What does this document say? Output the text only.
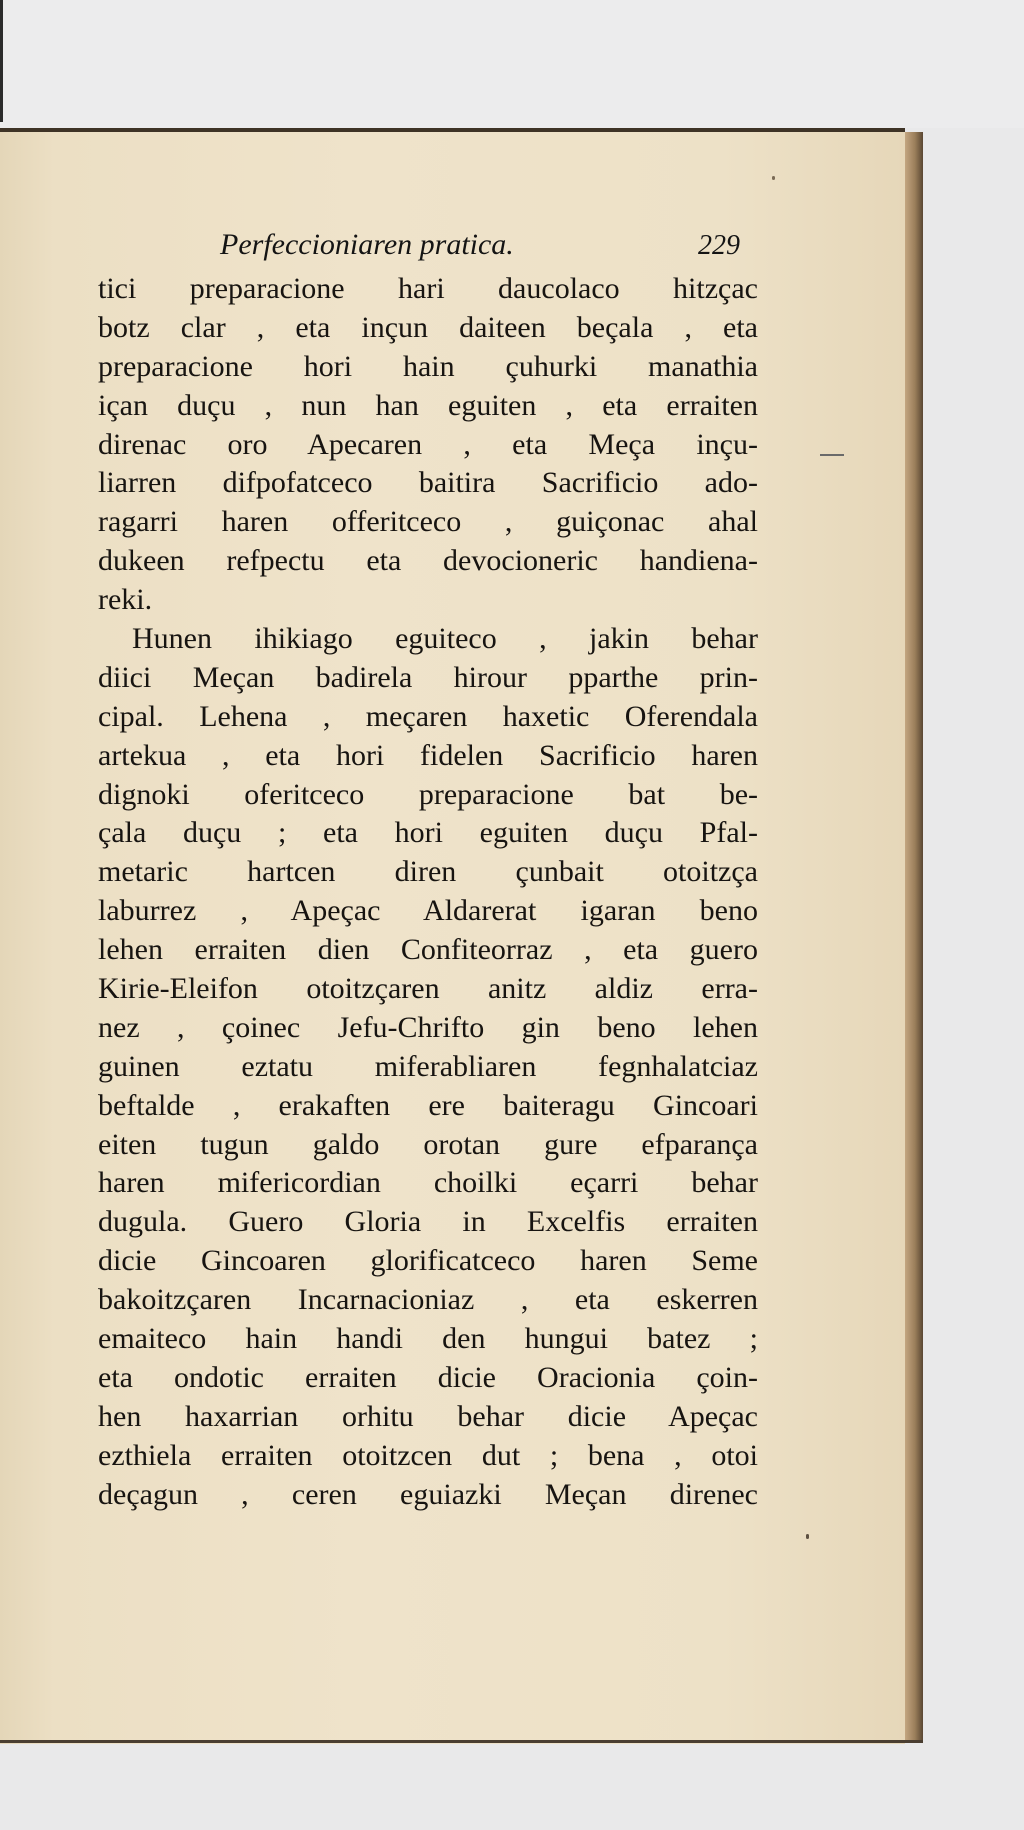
Perfeccioniaren pratica.	229
tici preparacione hari daucolaco hitzçac
botz clar , eta inçun daiteen beçala , eta
preparacione hori hain çuhurki manathia
içan duçu , nun han eguiten , eta erraiten
direnac oro Apecaren , eta Meça inçu-
liarren difpofatceco baitira Sacrificio ado-
ragarri haren offeritceco , guiçonac ahal
dukeen refpectu eta devocioneric handiena-
reki.
Hunen ihikiago eguiteco , jakin behar
diici Meçan badirela hirour pparthe prin-
cipal. Lehena , meçaren haxetic Oferendala
artekua , eta hori fidelen Sacrificio haren
dignoki oferitceco preparacione bat be-
çala duçu ; eta hori eguiten duçu Pfal-
metaric hartcen diren çunbait otoitzça
laburrez , Apeçac Aldarerat igaran beno
lehen erraiten dien Confiteorraz , eta guero
Kirie-Eleifon otoitzçaren anitz aldiz erra-
nez , çoinec Jefu-Chrifto gin beno lehen
guinen eztatu miferabliaren fegnhalatciaz
beftalde , erakaften ere baiteragu Gincoari
eiten tugun galdo orotan gure efparança
haren mifericordian choilki eçarri behar
dugula. Guero Gloria in Excelfis erraiten
dicie Gincoaren glorificatceco haren Seme
bakoitzçaren Incarnacioniaz , eta eskerren
emaiteco hain handi den hungui batez ;
eta ondotic erraiten dicie Oracionia çoin-
hen haxarrian orhitu behar dicie Apeçac
ezthiela erraiten otoitzcen dut ; bena , otoi
deçagun , ceren eguiazki Meçan direnec
